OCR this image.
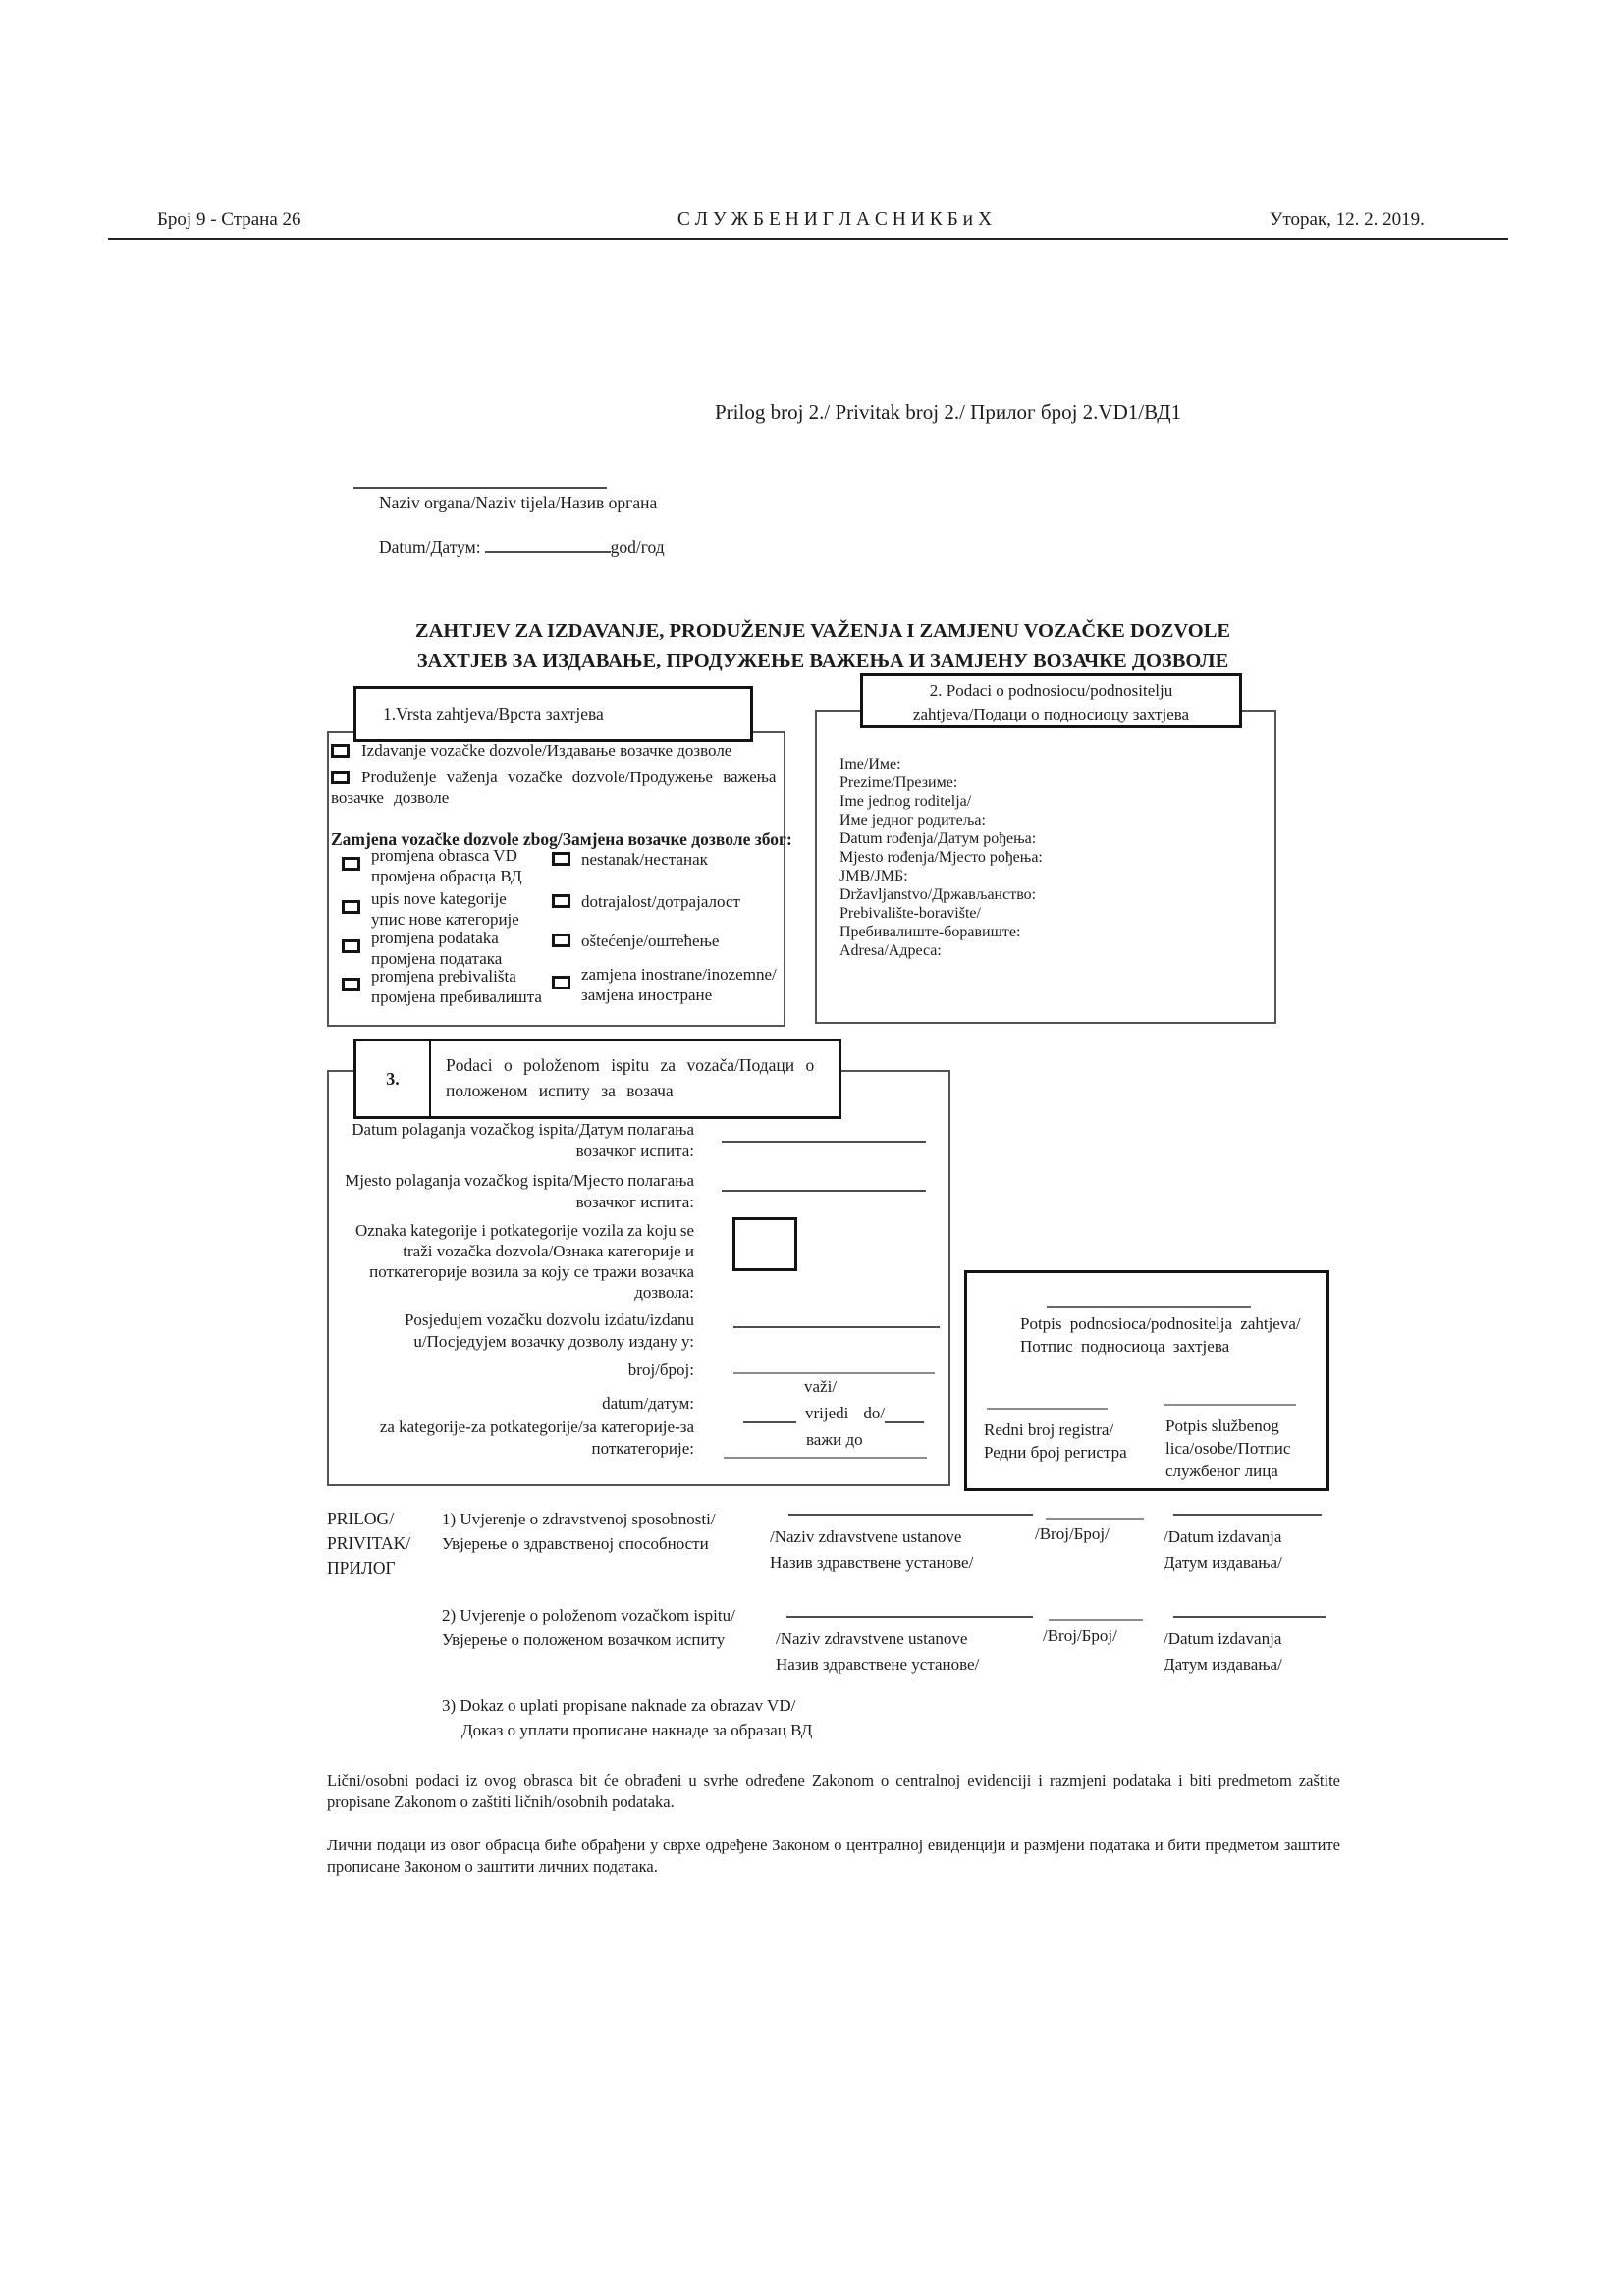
Број 9 - Страна 26	С Л У Ж Б Е Н И Г Л А С Н И К Б и Х	Уторак, 12. 2. 2019.
Prilog broj 2./ Privitak broj 2./ Прилог број 2.VD1/ВД1
Naziv organa/Naziv tijela/Назив органа
Datum/Датум:	god/год
ZAHTJEV ZA IZDAVANJE, PRODUŽENJE VAŽENJA I ZAMJENU VOZAČKE DOZVOLE
ЗАХТЈЕВ ЗА ИЗДАВАЊЕ, ПРОДУЖЕЊЕ ВАЖЕЊА И ЗАМЈЕНУ ВОЗАЧКЕ ДОЗВОЛЕ
1.Vrsta zahtjeva/Врста захтјева
Izdavanje vozačke dozvole/Издавање возачке дозволе
Produženje važenja vozačke dozvole/Продужење важења
возачке дозволе
Zamjena vozačke dozvole zbog/Замјена возачке дозволе због:
promjena obrasca VD
промјена обрасца ВД
upis nove kategorije
упис нове категорије
promjena podataka
промјена података
promjena prebivališta
промјена пребивалишта
nestanak/нестанак
dotrajalost/дотрајалост
oštećenje/оштећење
zamjena inostrane/inozemne/
замјена иностране
2. Podaci o podnosiocu/podnositelju
zahtjeva/Подаци о подносиоцу захтјева
Ime/Име:
Prezime/Презиме:
Ime jednog roditelja/
Име једног родитеља:
Datum rođenja/Датум рођења:
Mjesto rođenja/Мјесто рођења:
JMB/ЈМБ:
Državljanstvo/Држављанство:
Prebivalište-boravište/
Пребивалиште-боравиште:
Adresa/Адреса:
3.
Podaci o položenom ispitu za vozača/Подаци о
положеном испиту за возача
Datum polaganja vozačkog ispita/Датум полагања
возачког испита:
Mjesto polaganja vozačkog ispita/Мјесто полагања
возачког испита:
Oznaka kategorije i potkategorije vozila za koju se
traži vozačka dozvola/Ознака категорије и
поткатегорије возила за коју се тражи возачка
дозвола:
Posjedujem vozačku dozvolu izdatu/izdanu
u/Посједујем возачку дозволу издану у:
broj/број:
datum/датум:
važi/
vrijedi do/
важи до
za kategorije-za potkategorije/за категорије-за
поткатегорије:
Potpis podnosioca/podnositelja zahtjeva/
Потпис подносиоца захтјева
Redni broj registra/
Редни број регистра
Potpis službenog
lica/osobe/Потпис
службеног лица
PRILOG/
PRIVITAK/
ПРИЛОГ
1) Uvjerenje o zdravstvenoj sposobnosti/
Увјерење о здравственој способности	/Naziv zdravstvene ustanove
Назив здравствене установе/
/Broj/Број/	/Datum izdavanja
Датум издавања/
2) Uvjerenje o položenom vozačkom ispitu/
Увјерење о положеном возачком испиту	/Naziv zdravstvene ustanove
Назив здравствене установе/
/Broj/Број/	/Datum izdavanja
Датум издавања/
3) Dokaz o uplati propisane naknade za obrazav VD/
Доказ о уплати прописане накнаде за образац ВД
Lični/osobni podaci iz ovog obrasca bit će obrađeni u svrhe određene Zakonom o centralnoj evidenciji i razmjeni podataka i biti predmetom zaštite propisane Zakonom o zaštiti ličnih/osobnih podataka.
Лични подаци из овог обрасца биће обрађени у сврхе одређене Законом о централној евиденцији и размјени података и бити предметом заштите прописане Законом о заштити личних података.
